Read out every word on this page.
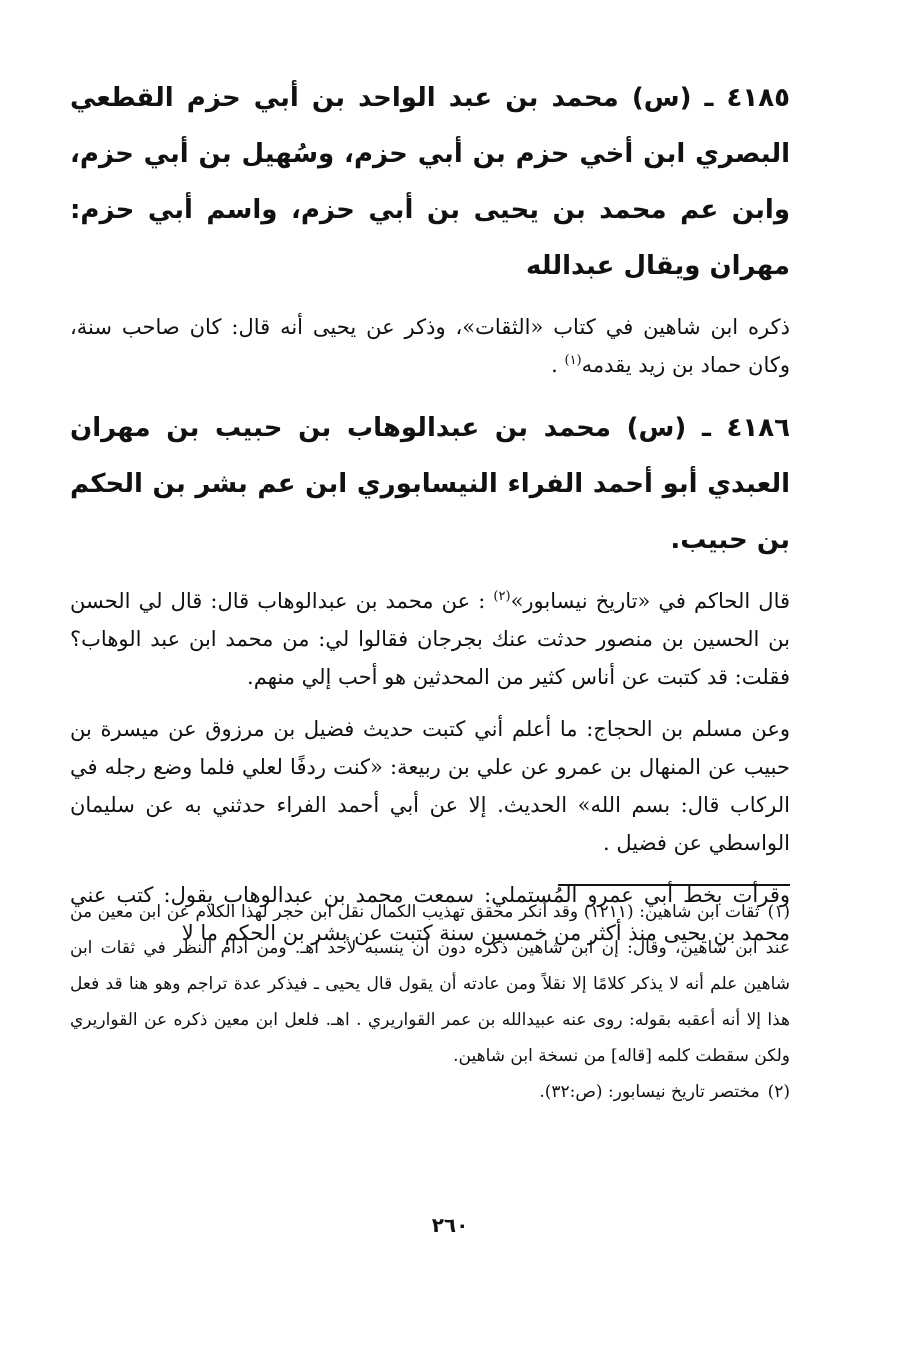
٤١٨٥ ـ (س) محمد بن عبد الواحد بن أبي حزم القطعي البصري ابن أخي حزم بن أبي حزم، وسُهيل بن أبي حزم، وابن عم محمد بن يحيى بن أبي حزم، واسم أبي حزم: مهران ويقال عبدالله

ذكره ابن شاهين في كتاب «الثقات»، وذكر عن يحيى أنه قال: كان صاحب سنة، وكان حماد بن زيد يقدمه$^{(١)}$ .

٤١٨٦ ـ (س) محمد بن عبدالوهاب بن حبيب بن مهران العبدي أبو أحمد الفراء النيسابوري ابن عم بشر بن الحكم بن حبيب.

قال الحاكم في «تاريخ نيسابور»$^{(٢)}$ : عن محمد بن عبدالوهاب قال: قال لي الحسن بن الحسين بن منصور حدثت عنك بجرجان فقالوا لي: من محمد ابن عبد الوهاب؟ فقلت: قد كتبت عن أناس كثير من المحدثين هو أحب إلي منهم.

وعن مسلم بن الحجاج: ما أعلم أني كتبت حديث فضيل بن مرزوق عن ميسرة بن حبيب عن المنهال بن عمرو عن علي بن ربيعة: «كنت ردفًا لعلي فلما وضع رجله في الركاب قال: بسم الله» الحديث. إلا عن أبي أحمد الفراء حدثني به عن سليمان الواسطي عن فضيل .

وقرأت بخط أبي عمرو المُستملي: سمعت محمد بن عبدالوهاب يقول: كتب عني محمد بن يحيى منذ أكثر من خمسين سنة كتبت عن بشر بن الحكم ما لا

(١)ثقات ابن شاهين: (١٢١١) وقد أنكر محقق تهذيب الكمال نقل ابن حجر لهذا الكلام عن ابن معين من عند ابن شاهين، وقال: إن ابن شاهين ذكره دون أن ينسبه لأحد اهـ. ومن أدام النظر في ثقات ابن شاهين علم أنه لا يذكر كلامًا إلا نقلاً ومن عادته أن يقول قال يحيى ـ فيذكر عدة تراجم وهو هنا قد فعل هذا إلا أنه أعقبه بقوله: روى عنه عبيدالله بن عمر القواريري . اهـ. فلعل ابن معين ذكره عن القواريري ولكن سقطت كلمه [قاله] من نسخة ابن شاهين.

(٢)مختصر تاريخ نيسابور: (ص:٣٢).

٢٦٠
